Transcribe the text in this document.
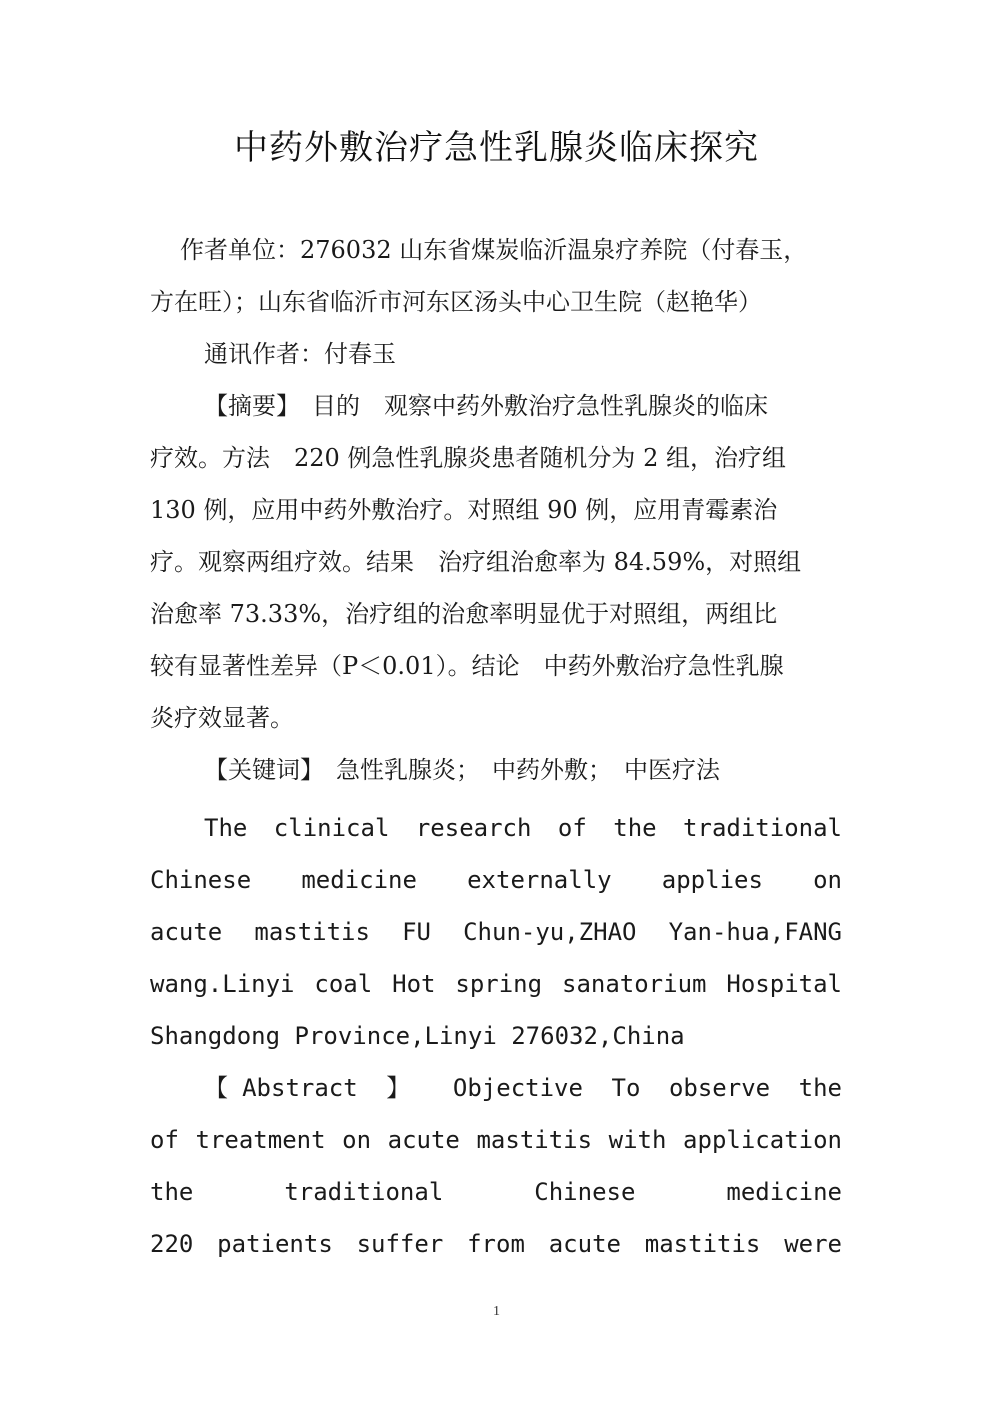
中药外敷治疗急性乳腺炎临床探究
作者单位：276032 山东省煤炭临沂温泉疗养院（付春玉，
方在旺）；山东省临沂市河东区汤头中心卫生院（赵艳华）
通讯作者：付春玉
【摘要】　目的　观察中药外敷治疗急性乳腺炎的临床
疗效。方法　220 例急性乳腺炎患者随机分为 2 组，治疗组
130 例，应用中药外敷治疗。对照组 90 例，应用青霉素治
疗。观察两组疗效。结果　治疗组治愈率为 84.59%，对照组
治愈率 73.33%，治疗组的治愈率明显优于对照组，两组比
较有显著性差异（P＜0.01）。结论　中药外敷治疗急性乳腺
炎疗效显著。
【关键词】　急性乳腺炎；　中药外敷；　中医疗法
The clinical research of the traditional
Chinese medicine externally applies on
acute mastitis FU Chun-yu,ZHAO Yan-hua,FANG
wang.Linyi coal Hot spring sanatorium Hospital
Shangdong Province,Linyi 276032,China
【Abstract 】 Objective To observe the
of treatment on acute mastitis with application
the traditional Chinese medicine
220 patients suffer from acute mastitis were
1
